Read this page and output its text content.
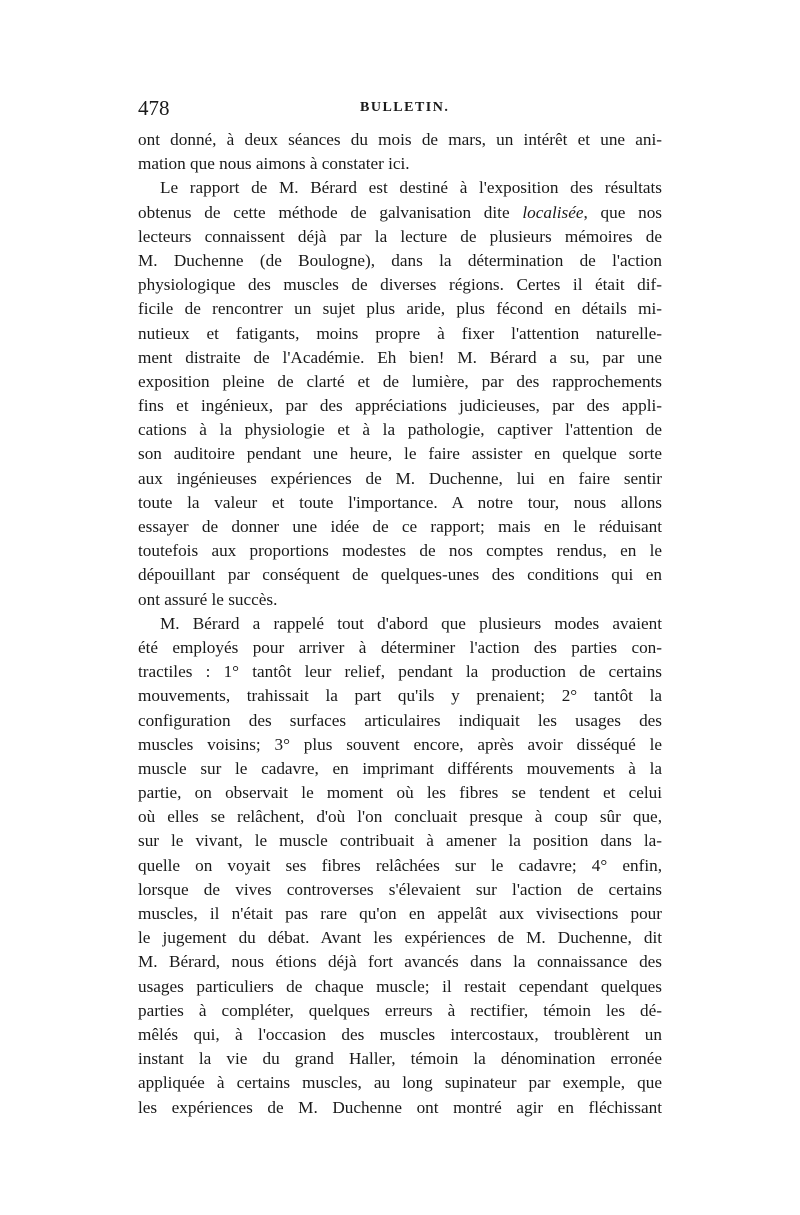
478	BULLETIN.
ont donné, à deux séances du mois de mars, un intérêt et une ani-
mation que nous aimons à constater ici.
Le rapport de M. Bérard est destiné à l'exposition des résultats
obtenus de cette méthode de galvanisation dite localisée, que nos
lecteurs connaissent déjà par la lecture de plusieurs mémoires de
M. Duchenne (de Boulogne), dans la détermination de l'action
physiologique des muscles de diverses régions. Certes il était dif-
ficile de rencontrer un sujet plus aride, plus fécond en détails mi-
nutieux et fatigants, moins propre à fixer l'attention naturelle-
ment distraite de l'Académie. Eh bien! M. Bérard a su, par une
exposition pleine de clarté et de lumière, par des rapprochements
fins et ingénieux, par des appréciations judicieuses, par des appli-
cations à la physiologie et à la pathologie, captiver l'attention de
son auditoire pendant une heure, le faire assister en quelque sorte
aux ingénieuses expériences de M. Duchenne, lui en faire sentir
toute la valeur et toute l'importance. A notre tour, nous allons
essayer de donner une idée de ce rapport; mais en le réduisant
toutefois aux proportions modestes de nos comptes rendus, en le
dépouillant par conséquent de quelques-unes des conditions qui en
ont assuré le succès.
M. Bérard a rappelé tout d'abord que plusieurs modes avaient
été employés pour arriver à déterminer l'action des parties con-
tractiles : 1° tantôt leur relief, pendant la production de certains
mouvements, trahissait la part qu'ils y prenaient; 2° tantôt la
configuration des surfaces articulaires indiquait les usages des
muscles voisins; 3° plus souvent encore, après avoir disséqué le
muscle sur le cadavre, en imprimant différents mouvements à la
partie, on observait le moment où les fibres se tendent et celui
où elles se relâchent, d'où l'on concluait presque à coup sûr que,
sur le vivant, le muscle contribuait à amener la position dans la-
quelle on voyait ses fibres relâchées sur le cadavre; 4° enfin,
lorsque de vives controverses s'élevaient sur l'action de certains
muscles, il n'était pas rare qu'on en appelât aux vivisections pour
le jugement du débat. Avant les expériences de M. Duchenne, dit
M. Bérard, nous étions déjà fort avancés dans la connaissance des
usages particuliers de chaque muscle; il restait cependant quelques
parties à compléter, quelques erreurs à rectifier, témoin les dé-
mêlés qui, à l'occasion des muscles intercostaux, troublèrent un
instant la vie du grand Haller, témoin la dénomination erronée
appliquée à certains muscles, au long supinateur par exemple, que
les expériences de M. Duchenne ont montré agir en fléchissant
